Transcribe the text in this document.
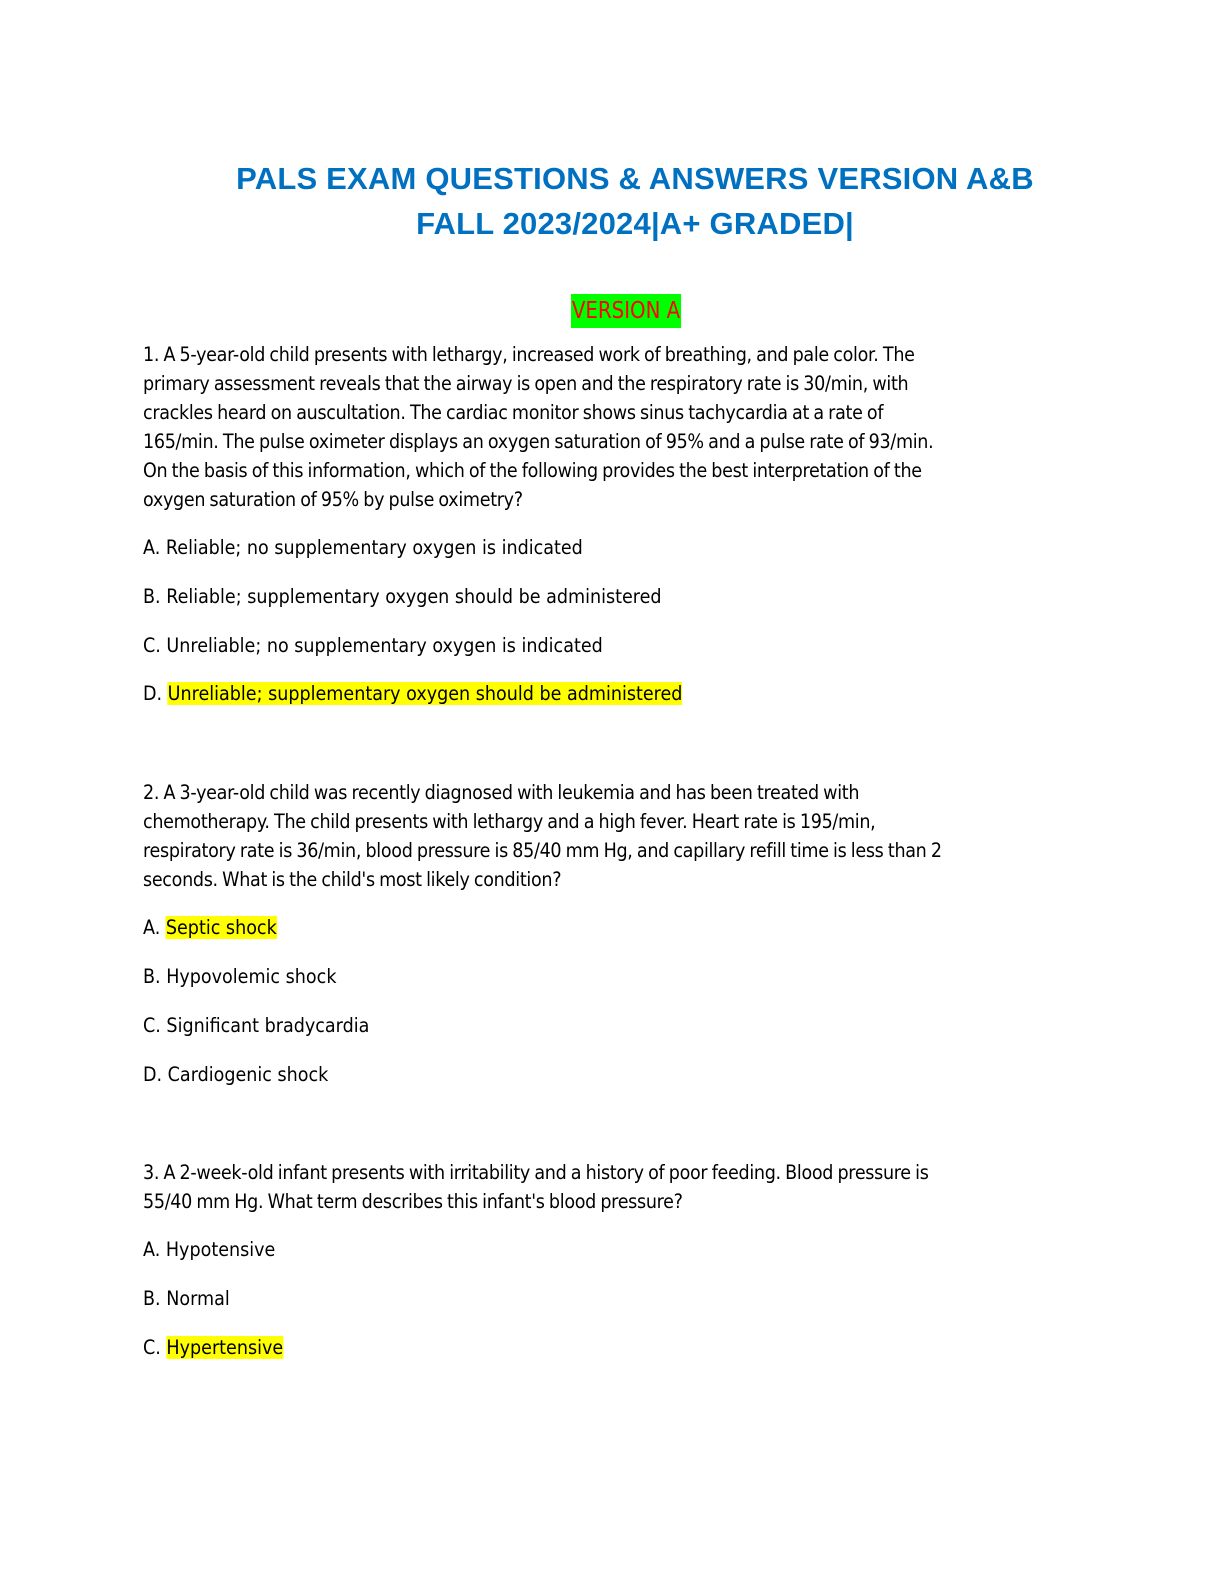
PALS EXAM QUESTIONS & ANSWERS VERSION A&B
FALL 2023/2024|A+ GRADED|
VERSION A
1. A 5-year-old child presents with lethargy, increased work of breathing, and pale color. The
primary assessment reveals that the airway is open and the respiratory rate is 30/min, with
crackles heard on auscultation. The cardiac monitor shows sinus tachycardia at a rate of
165/min. The pulse oximeter displays an oxygen saturation of 95% and a pulse rate of 93/min.
On the basis of this information, which of the following provides the best interpretation of the
oxygen saturation of 95% by pulse oximetry?
A. Reliable; no supplementary oxygen is indicated
B. Reliable; supplementary oxygen should be administered
C. Unreliable; no supplementary oxygen is indicated
D. Unreliable; supplementary oxygen should be administered
2. A 3-year-old child was recently diagnosed with leukemia and has been treated with
chemotherapy. The child presents with lethargy and a high fever. Heart rate is 195/min,
respiratory rate is 36/min, blood pressure is 85/40 mm Hg, and capillary refill time is less than 2
seconds. What is the child's most likely condition?
A. Septic shock
B. Hypovolemic shock
C. Significant bradycardia
D. Cardiogenic shock
3. A 2-week-old infant presents with irritability and a history of poor feeding. Blood pressure is
55/40 mm Hg. What term describes this infant's blood pressure?
A. Hypotensive
B. Normal
C. Hypertensive
